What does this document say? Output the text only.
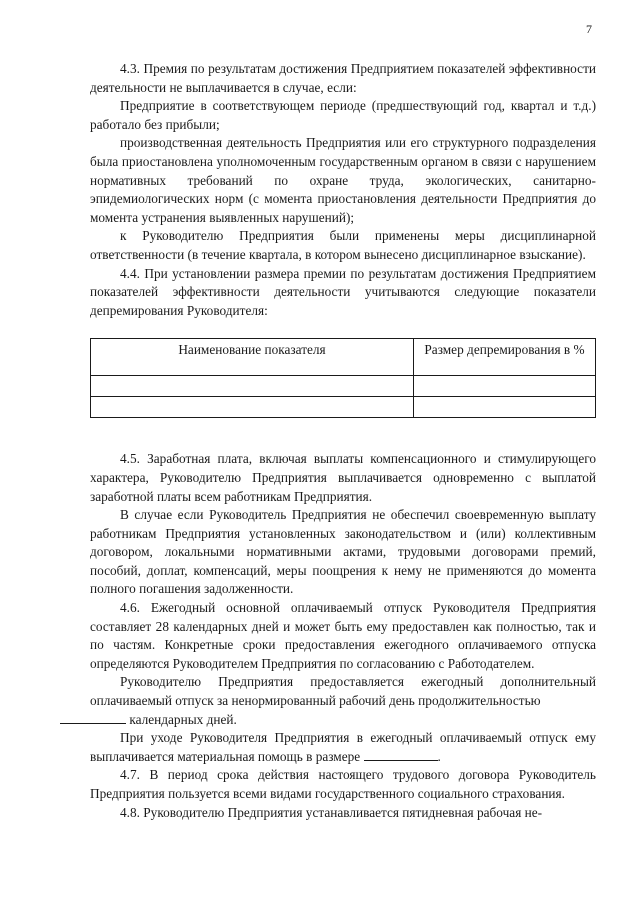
7

4.3. Премия по результатам достижения Предприятием показателей эффективности деятельности не выплачивается в случае, если:

Предприятие в соответствующем периоде (предшествующий год, квартал и т.д.) работало без прибыли;

производственная деятельность Предприятия или его структурного подразделения была приостановлена уполномоченным государственным органом в связи с нарушением нормативных требований по охране труда, экологических, санитарно-эпидемиологических норм (с момента приостановления деятельности Предприятия до момента устранения выявленных нарушений);

к Руководителю Предприятия были применены меры дисциплинарной ответственности (в течение квартала, в котором вынесено дисциплинарное взыскание).

4.4. При установлении размера премии по результатам достижения Предприятием показателей эффективности деятельности учитываются следующие показатели депремирования Руководителя:

Наименование показателя	Размер депремирования в %

4.5. Заработная плата, включая выплаты компенсационного и стимулирующего характера, Руководителю Предприятия выплачивается одновременно с выплатой заработной платы всем работникам Предприятия.

В случае если Руководитель Предприятия не обеспечил своевременную выплату работникам Предприятия установленных законодательством и (или) коллективным договором, локальными нормативными актами, трудовыми договорами премий, пособий, доплат, компенсаций, меры поощрения к нему не применяются до момента полного погашения задолженности.

4.6. Ежегодный основной оплачиваемый отпуск Руководителя Предприятия составляет 28 календарных дней и может быть ему предоставлен как полностью, так и по частям. Конкретные сроки предоставления ежегодного оплачиваемого отпуска определяются Руководителем Предприятия по согласованию с Работодателем.

Руководителю Предприятия предоставляется ежегодный дополнительный оплачиваемый отпуск за ненормированный рабочий день продолжительностью
календарных дней.

При уходе Руководителя Предприятия в ежегодный оплачиваемый отпуск ему выплачивается материальная помощь в размере	.

4.7. В период срока действия настоящего трудового договора Руководитель Предприятия пользуется всеми видами государственного социального страхования.

4.8. Руководителю Предприятия устанавливается пятидневная рабочая не-
